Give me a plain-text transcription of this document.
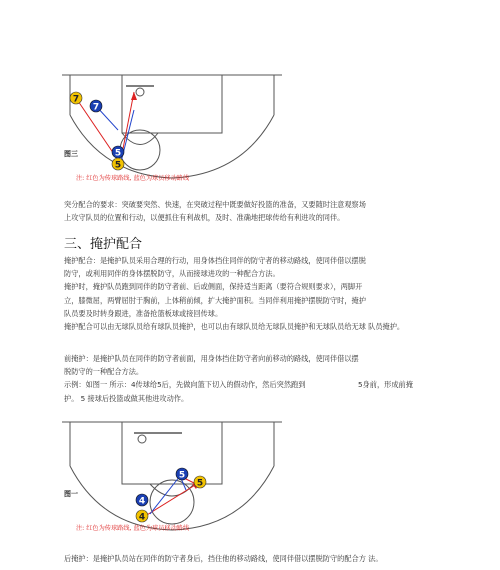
7
7
5
5
图三
注: 红色为传球路线, 蓝色为球员移动路线
突分配合的要求：突破要突然、快速，在突破过程中既要做好投篮的准备，又要随时注意观察场
上攻守队员的位置和行动，以便抓住有利战机，及时、准确地把球传给有利进攻的同伴。
三、掩护配合
掩护配合：是掩护队员采用合理的行动，用身体挡住同伴的防守者的移动路线，使同伴借以摆脱
防守，或利用同伴的身体摆脱防守，从而接球进攻的一种配合方法。
掩护时，掩护队员跑到同伴的防守者前、后或侧面，保持适当距离（要符合规则要求），两脚开
立，膝微屈，两臂屈肘于胸前，上体稍前倾，扩大掩护面积。当同伴利用掩护摆脱防守时，掩护
队员要及时转身跟进，准备抢篮板球或接回传球。
掩护配合可以由无球队员给有球队员掩护，也可以由有球队员给无球队员掩护和无球队员给无球 队员掩护。
前掩护：是掩护队员在同伴的防守者前面，用身体挡住防守者向前移动的路线，使同伴借以摆
脱防守的一种配合方法。
示例：如图一 所示：4传球给5后，先做向篮下切入的假动作，然后突然跑到	5身前，形成前掩
护。 5 接球后投篮或做其他进攻动作。
5
4
4
5
图一
注: 红色为传球路线, 蓝色为球员移动路线
后掩护：是掩护队员站在同伴的防守者身后，挡住他的移动路线，使同伴借以摆脱防守的配合方 法。
